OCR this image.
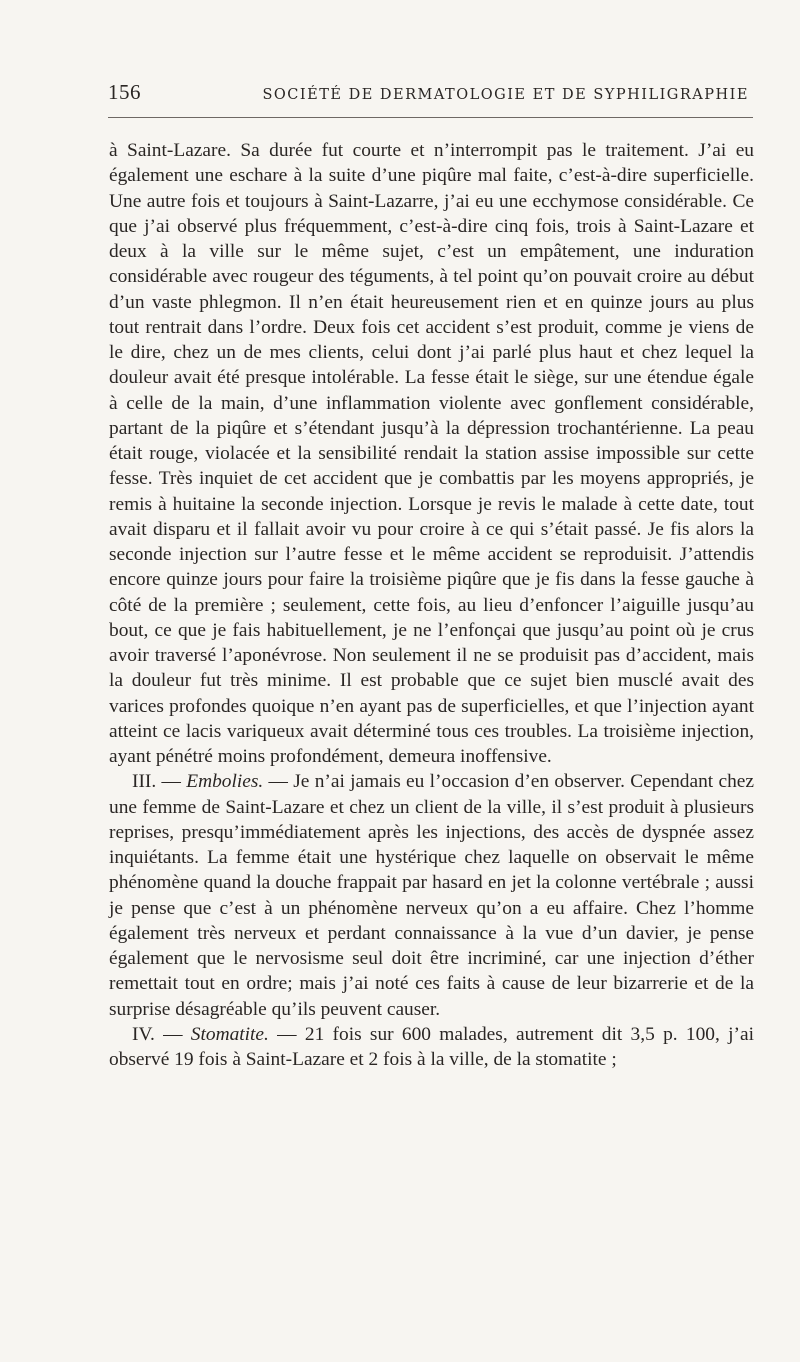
156	SOCIÉTÉ DE DERMATOLOGIE ET DE SYPHILIGRAPHIE

à Saint-Lazare. Sa durée fut courte et n’interrompit pas le traitement. J’ai eu également une eschare à la suite d’une piqûre mal faite, c’est-à-dire superficielle. Une autre fois et toujours à Saint-Lazarre, j’ai eu une ecchymose considérable. Ce que j’ai observé plus fréquemment, c’est-à-dire cinq fois, trois à Saint-Lazare et deux à la ville sur le même sujet, c’est un empâtement, une induration considérable avec rougeur des téguments, à tel point qu’on pouvait croire au début d’un vaste phlegmon. Il n’en était heureusement rien et en quinze jours au plus tout rentrait dans l’ordre. Deux fois cet accident s’est produit, comme je viens de le dire, chez un de mes clients, celui dont j’ai parlé plus haut et chez lequel la douleur avait été presque intolérable. La fesse était le siège, sur une étendue égale à celle de la main, d’une inflammation violente avec gonflement considérable, partant de la piqûre et s’étendant jusqu’à la dépression trochantérienne. La peau était rouge, violacée et la sensibilité rendait la station assise impossible sur cette fesse. Très inquiet de cet accident que je combattis par les moyens appropriés, je remis à huitaine la seconde injection. Lorsque je revis le malade à cette date, tout avait disparu et il fallait avoir vu pour croire à ce qui s’était passé. Je fis alors la seconde injection sur l’autre fesse et le même accident se reproduisit. J’attendis encore quinze jours pour faire la troisième piqûre que je fis dans la fesse gauche à côté de la première ; seulement, cette fois, au lieu d’enfoncer l’aiguille jusqu’au bout, ce que je fais habituellement, je ne l’enfonçai que jusqu’au point où je crus avoir traversé l’aponévrose. Non seulement il ne se produisit pas d’accident, mais la douleur fut très minime. Il est probable que ce sujet bien musclé avait des varices profondes quoique n’en ayant pas de superficielles, et que l’injection ayant atteint ce lacis variqueux avait déterminé tous ces troubles. La troisième injection, ayant pénétré moins profondément, demeura inoffensive.

III. — Embolies. — Je n’ai jamais eu l’occasion d’en observer. Cependant chez une femme de Saint-Lazare et chez un client de la ville, il s’est produit à plusieurs reprises, presqu’immédiatement après les injections, des accès de dyspnée assez inquiétants. La femme était une hystérique chez laquelle on observait le même phénomène quand la douche frappait par hasard en jet la colonne vertébrale ; aussi je pense que c’est à un phénomène nerveux qu’on a eu affaire. Chez l’homme également très nerveux et perdant connaissance à la vue d’un davier, je pense également que le nervosisme seul doit être incriminé, car une injection d’éther remettait tout en ordre; mais j’ai noté ces faits à cause de leur bizarrerie et de la surprise désagréable qu’ils peuvent causer.

IV. — Stomatite. — 21 fois sur 600 malades, autrement dit 3,5 p. 100, j’ai observé 19 fois à Saint-Lazare et 2 fois à la ville, de la stomatite ;
